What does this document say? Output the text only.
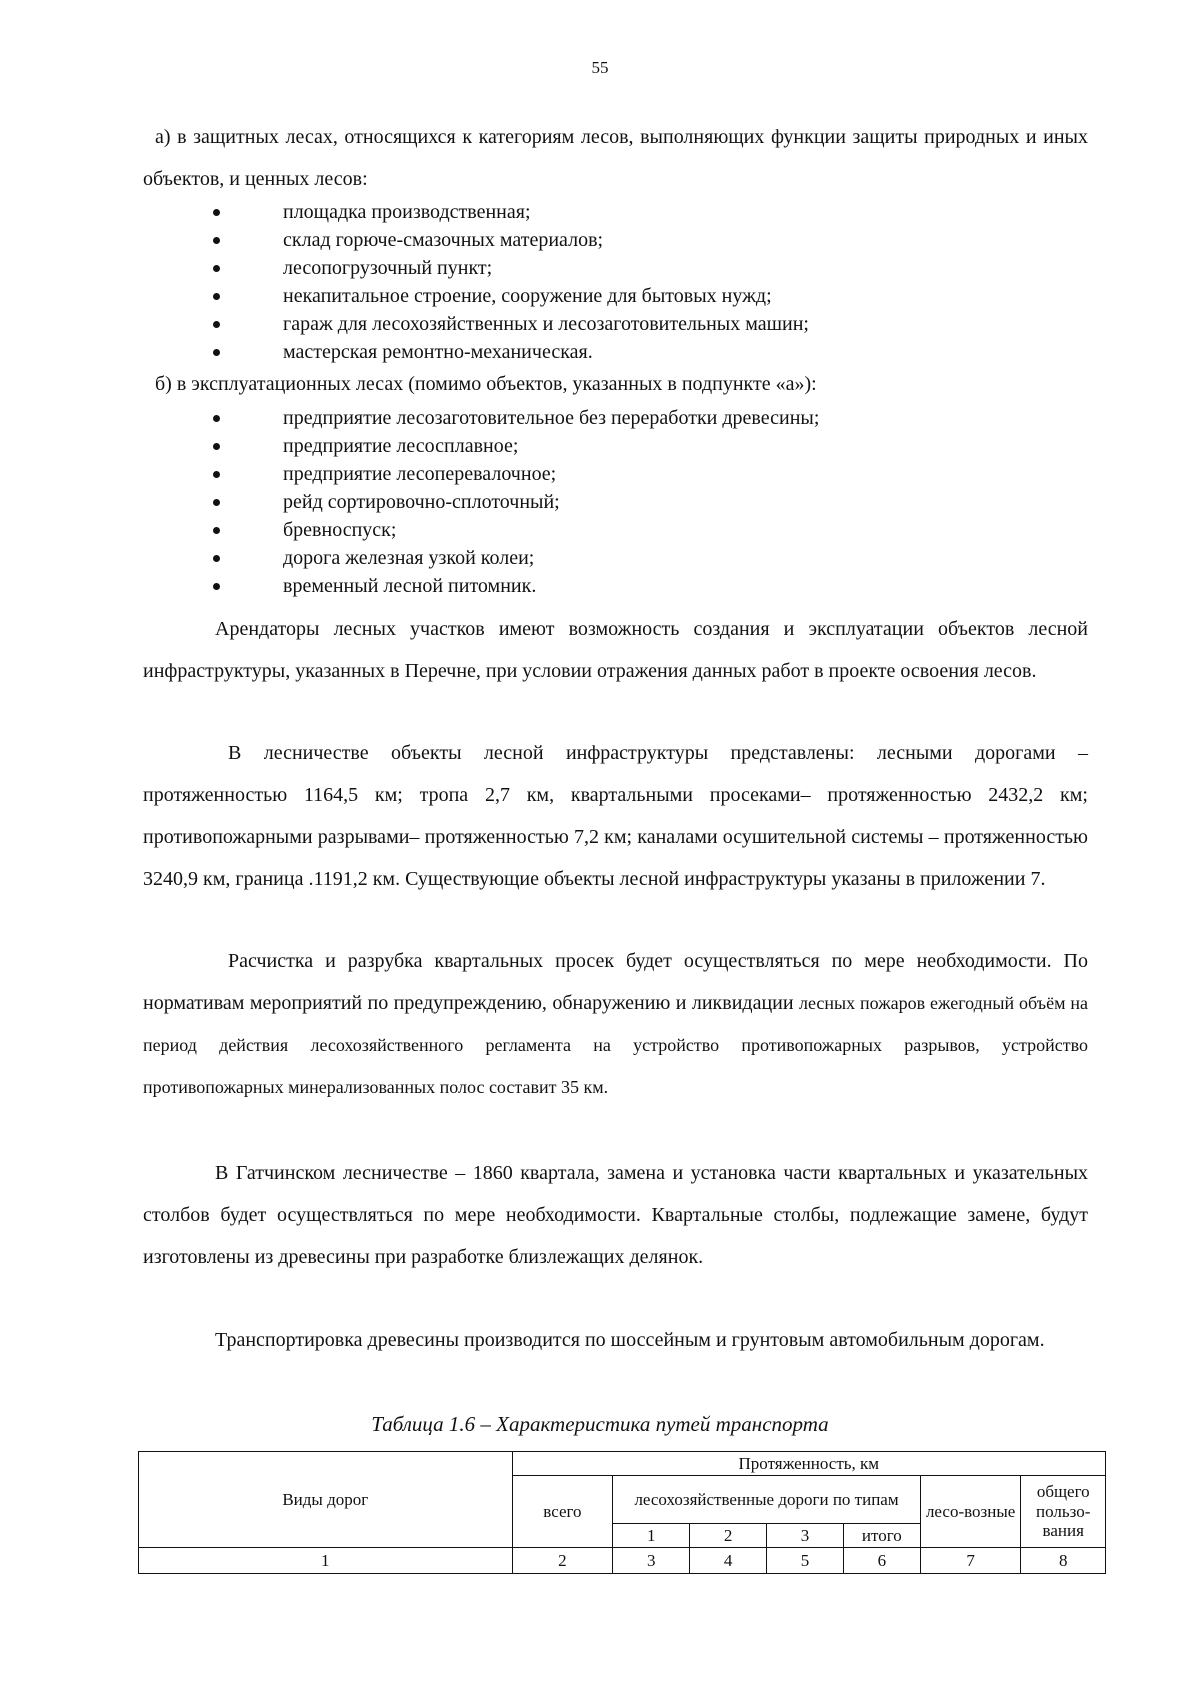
55

а) в защитных лесах, относящихся к категориям лесов, выполняющих функции защиты природных и иных объектов, и ценных лесов:

площадка производственная;
склад горюче-смазочных материалов;
лесопогрузочный пункт;
некапитальное строение, сооружение для бытовых нужд;
гараж для лесохозяйственных и лесозаготовительных машин;
мастерская ремонтно-механическая.
б) в эксплуатационных лесах (помимо объектов, указанных в подпункте «а»):
предприятие лесозаготовительное без переработки древесины;
предприятие лесосплавное;
предприятие лесоперевалочное;
рейд сортировочно-сплоточный;
бревноспуск;
дорога железная узкой колеи;
временный лесной питомник.

Арендаторы лесных участков имеют возможность создания и эксплуатации объектов лесной инфраструктуры, указанных в Перечне, при условии отражения данных работ в проекте освоения лесов.

В лесничестве объекты лесной инфраструктуры представлены: лесными дорогами – протяженностью 1164,5 км; тропа 2,7 км, квартальными просеками– протяженностью 2432,2 км; противопожарными разрывами– протяженностью 7,2 км; каналами осушительной системы – протяженностью 3240,9 км, граница .1191,2 км. Существующие объекты лесной инфраструктуры указаны в приложении 7.

Расчистка и разрубка квартальных просек будет осуществляться по мере необходимости. По нормативам мероприятий по предупреждению, обнаружению и ликвидации лесных пожаров ежегодный объём на период действия лесохозяйственного регламента на устройство противопожарных разрывов, устройство противопожарных минерализованных полос составит 35 км.

В Гатчинском лесничестве – 1860 квартала, замена и установка части квартальных и указательных столбов будет осуществляться по мере необходимости. Квартальные столбы, подлежащие замене, будут изготовлены из древесины при разработке близлежащих делянок.

Транспортировка древесины производится по шоссейным и грунтовым автомобильным дорогам.

Таблица 1.6 – Характеристика путей транспорта
Виды дорог	Протяженность, км						
	всего	лесохозяйственные дороги по типам				лесо-возные	общего пользо-вания
		1	2	3	итого		
1	2	3	4	5	6	7	8
